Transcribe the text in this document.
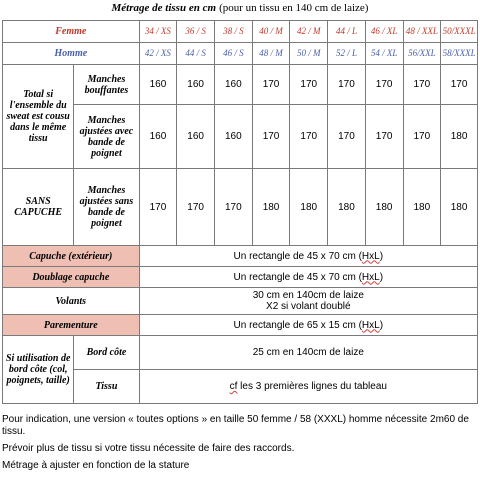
Métrage de tissu en cm (pour un tissu en 140 cm de laize)
Femme		34 / XS	36 / S	38 / S	40 / M	42 / M	44 / L	46 / XL	48 / XXL	50/XXXL
Homme		42 / XS	44 / S	46 / S	48 / M	50 / M	52 / L	54 / XL	56/XXL	58/XXXL
Total si l'ensemble du sweat est cousu dans le même tissu	Manches bouffantes	160	160	160	170	170	170	170	170	170
	Manches ajustées avec bande de poignet	160	160	160	170	170	170	170	170	180
SANS CAPUCHE	Manches ajustées sans bande de poignet	170	170	170	180	180	180	180	180	180
Capuche (extérieur)		Un rectangle de 45 x 70 cm (HxL)								
Doublage capuche		Un rectangle de 45 x 70 cm (HxL)								
Volants		30 cm en 140cm de laize
X2 si volant doublé								

Parementure		Un rectangle de 65 x 15 cm (HxL)								
Si utilisation de bord côte (col, poignets, taille)	Bord côte	25 cm en 140cm de laize								
	Tissu	cf les 3 premières lignes du tableau								

Pour indication, une version « toutes options » en taille 50 femme / 58 (XXXL) homme nécessite 2m60 de tissu.

Prévoir plus de tissu si votre tissu nécessite de faire des raccords.

Métrage à ajuster en fonction de la stature
